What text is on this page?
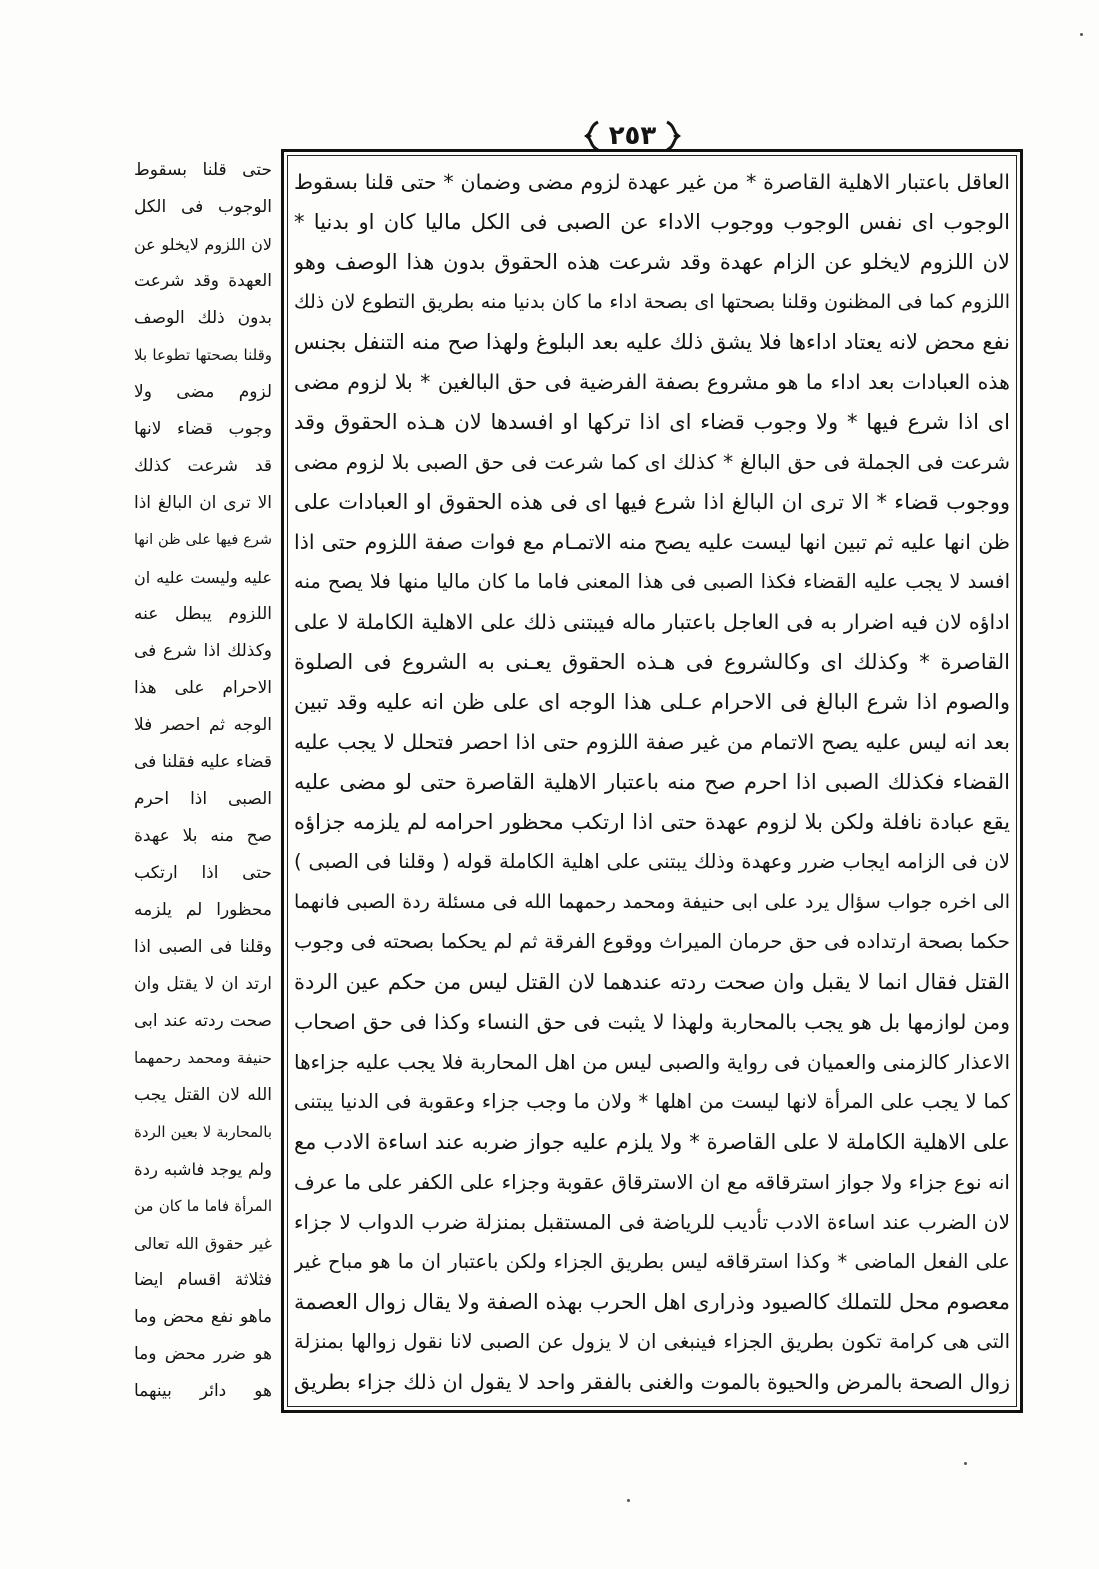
٢٥٣
العاقل باعتبار الاهلية القاصرة * من غير عهدة لزوم مضى وضمان * حتى قلنا بسقوط
الوجوب اى نفس الوجوب ووجوب الاداء عن الصبى فى الكل ماليا كان او بدنيا *
لان اللزوم لايخلو عن الزام عهدة وقد شرعت هذه الحقوق بدون هذا الوصف وهو
اللزوم كما فى المظنون وقلنا بصحتها اى بصحة اداء ما كان بدنيا منه بطريق التطوع لان ذلك
نفع محض لانه يعتاد اداءها فلا يشق ذلك عليه بعد البلوغ ولهذا صح منه التنفل بجنس
هذه العبادات بعد اداء ما هو مشروع بصفة الفرضية فى حق البالغين * بلا لزوم مضى
اى اذا شرع فيها * ولا وجوب قضاء اى اذا تركها او افسدها لان هـذه الحقوق وقد
شرعت فى الجملة فى حق البالغ * كذلك اى كما شرعت فى حق الصبى بلا لزوم مضى
ووجوب قضاء * الا ترى ان البالغ اذا شرع فيها اى فى هذه الحقوق او العبادات على
ظن انها عليه ثم تبين انها ليست عليه يصح منه الاتمـام مع فوات صفة اللزوم حتى اذا
افسد لا يجب عليه القضاء فكذا الصبى فى هذا المعنى فاما ما كان ماليا منها فلا يصح منه
اداؤه لان فيه اضرار به فى العاجل باعتبار ماله فيبتنى ذلك على الاهلية الكاملة لا على
القاصرة * وكذلك اى وكالشروع فى هـذه الحقوق يعـنى به الشروع فى الصلوة
والصوم اذا شرع البالغ فى الاحرام عـلى هذا الوجه اى على ظن انه عليه وقد تبين
بعد انه ليس عليه يصح الاتمام من غير صفة اللزوم حتى اذا احصر فتحلل لا يجب عليه
القضاء فكذلك الصبى اذا احرم صح منه باعتبار الاهلية القاصرة حتى لو مضى عليه
يقع عبادة نافلة ولكن بلا لزوم عهدة حتى اذا ارتكب محظور احرامه لم يلزمه جزاؤه
لان فى الزامه ايجاب ضرر وعهدة وذلك يبتنى على اهلية الكاملة قوله ( وقلنا فى الصبى )
الى اخره جواب سؤال يرد على ابى حنيفة ومحمد رحمهما الله فى مسئلة ردة الصبى فانهما
حكما بصحة ارتداده فى حق حرمان الميراث ووقوع الفرقة ثم لم يحكما بصحته فى وجوب
القتل فقال انما لا يقبل وان صحت ردته عندهما لان القتل ليس من حكم عين الردة
ومن لوازمها بل هو يجب بالمحاربة ولهذا لا يثبت فى حق النساء وكذا فى حق اصحاب
الاعذار كالزمنى والعميان فى رواية والصبى ليس من اهل المحاربة فلا يجب عليه جزاءها
كما لا يجب على المرأة لانها ليست من اهلها * ولان ما وجب جزاء وعقوبة فى الدنيا يبتنى
على الاهلية الكاملة لا على القاصرة * ولا يلزم عليه جواز ضربه عند اساءة الادب مع
انه نوع جزاء ولا جواز استرقاقه مع ان الاسترقاق عقوبة وجزاء على الكفر على ما عرف
لان الضرب عند اساءة الادب تأديب للرياضة فى المستقبل بمنزلة ضرب الدواب لا جزاء
على الفعل الماضى * وكذا استرقاقه ليس بطريق الجزاء ولكن باعتبار ان ما هو مباح غير
معصوم محل للتملك كالصيود وذرارى اهل الحرب بهذه الصفة ولا يقال زوال العصمة
التى هى كرامة تكون بطريق الجزاء فينبغى ان لا يزول عن الصبى لانا نقول زوالها بمنزلة
زوال الصحة بالمرض والحيوة بالموت والغنى بالفقر واحد لا يقول ان ذلك جزاء بطريق
حتى قلنا بسقوط
الوجوب فى الكل
لان اللزوم لايخلو عن
العهدة وقد شرعت
بدون ذلك الوصف
وقلنا بصحتها تطوعا بلا
لزوم مضى ولا
وجوب قضاء لانها
قد شرعت كذلك
الا ترى ان البالغ اذا
شرع فيها على ظن انها
عليه وليست عليه ان
اللزوم يبطل عنه
وكذلك اذا شرع فى
الاحرام على هذا
الوجه ثم احصر فلا
قضاء عليه فقلنا فى
الصبى اذا احرم
صح منه بلا عهدة
حتى اذا ارتكب
محظورا لم يلزمه
وقلنا فى الصبى اذا
ارتد ان لا يقتل وان
صحت ردته عند ابى
حنيفة ومحمد رحمهما
الله لان القتل يجب
بالمحاربة لا بعين الردة
ولم يوجد فاشبه ردة
المرأة فاما ما كان من
غير حقوق الله تعالى
فثلاثة اقسام ايضا
ماهو نفع محض وما
هو ضرر محض وما
هو دائر بينهما
